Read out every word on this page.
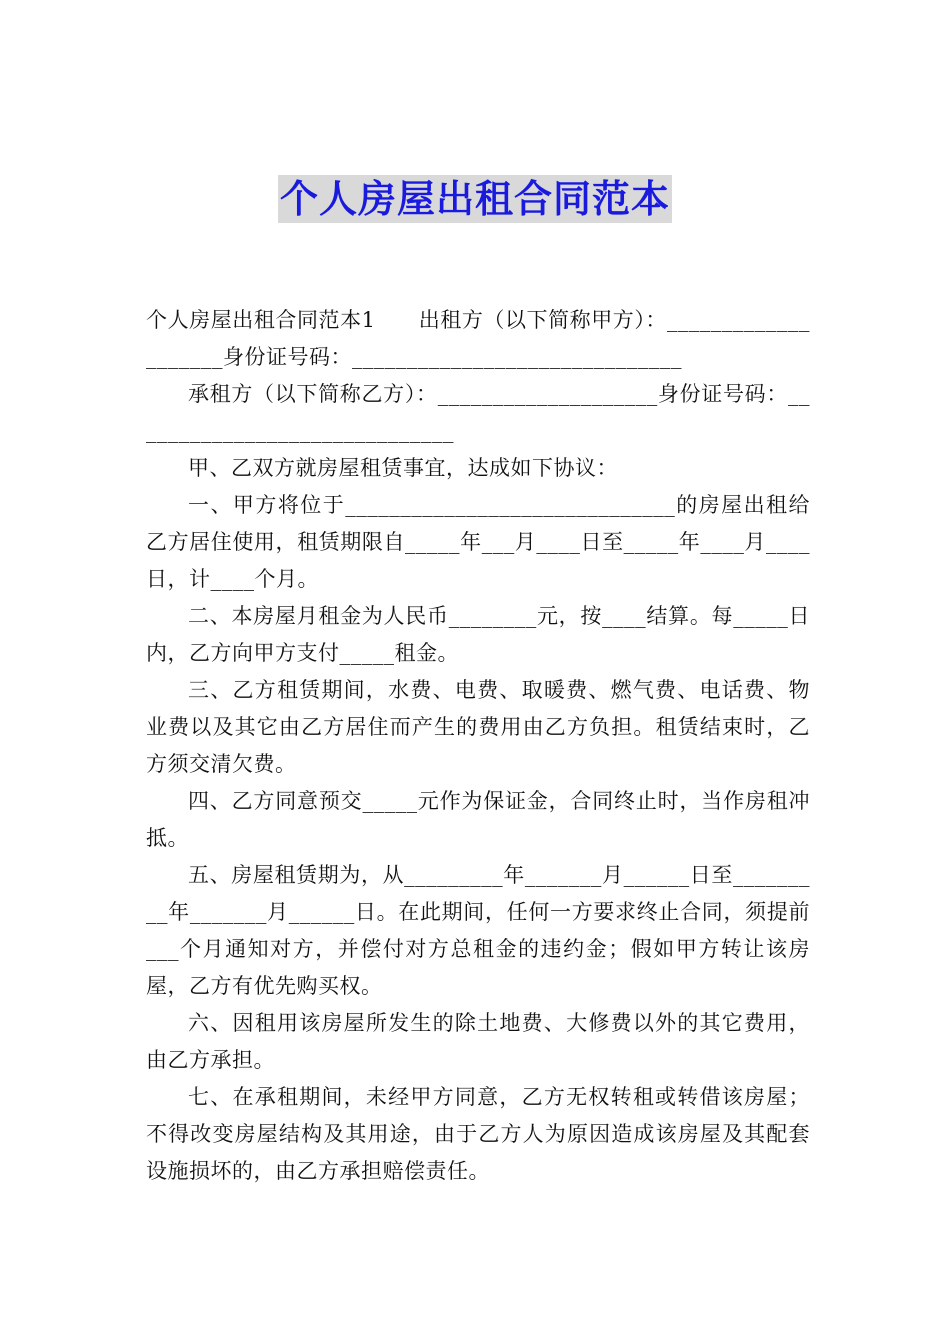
个人房屋出租合同范本

个人房屋出租合同范本1　　出租方（以下简称甲方）：____________________身份证号码：______________________________

承租方（以下简称乙方）：____________________身份证号码：______________________________

甲、乙双方就房屋租赁事宜，达成如下协议：

一、甲方将位于______________________________的房屋出租给乙方居住使用，租赁期限自_____年___月____日至_____年____月____日，计____个月。

二、本房屋月租金为人民币________元，按____结算。每_____日内，乙方向甲方支付_____租金。

三、乙方租赁期间，水费、电费、取暖费、燃气费、电话费、物业费以及其它由乙方居住而产生的费用由乙方负担。租赁结束时，乙方须交清欠费。

四、乙方同意预交_____元作为保证金，合同终止时，当作房租冲抵。

五、房屋租赁期为，从_________年_______月______日至_________年_______月______日。在此期间，任何一方要求终止合同，须提前___个月通知对方，并偿付对方总租金的违约金；假如甲方转让该房屋，乙方有优先购买权。

六、因租用该房屋所发生的除土地费、大修费以外的其它费用，由乙方承担。

七、在承租期间，未经甲方同意，乙方无权转租或转借该房屋；不得改变房屋结构及其用途，由于乙方人为原因造成该房屋及其配套设施损坏的，由乙方承担赔偿责任。
